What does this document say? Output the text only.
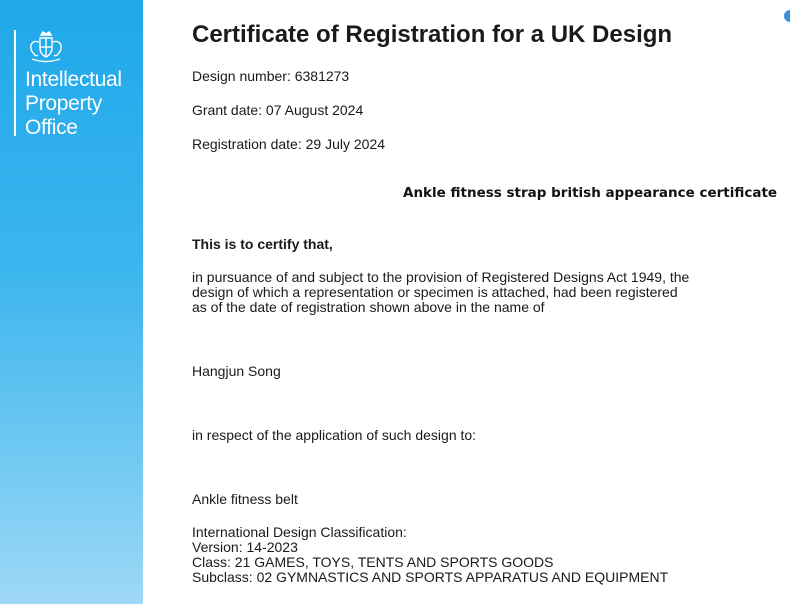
Intellectual
Property
Office
Certificate of Registration for a UK Design
Design number: 6381273
Grant date: 07 August 2024
Registration date: 29 July 2024
Ankle fitness strap british appearance certificate
This is to certify that,
in pursuance of and subject to the provision of Registered Designs Act 1949, the
design of which a representation or specimen is attached, had been registered
as of the date of registration shown above in the name of
Hangjun Song
in respect of the application of such design to:
Ankle fitness belt
International Design Classification:
Version: 14-2023
Class: 21 GAMES, TOYS, TENTS AND SPORTS GOODS
Subclass: 02 GYMNASTICS AND SPORTS APPARATUS AND EQUIPMENT
